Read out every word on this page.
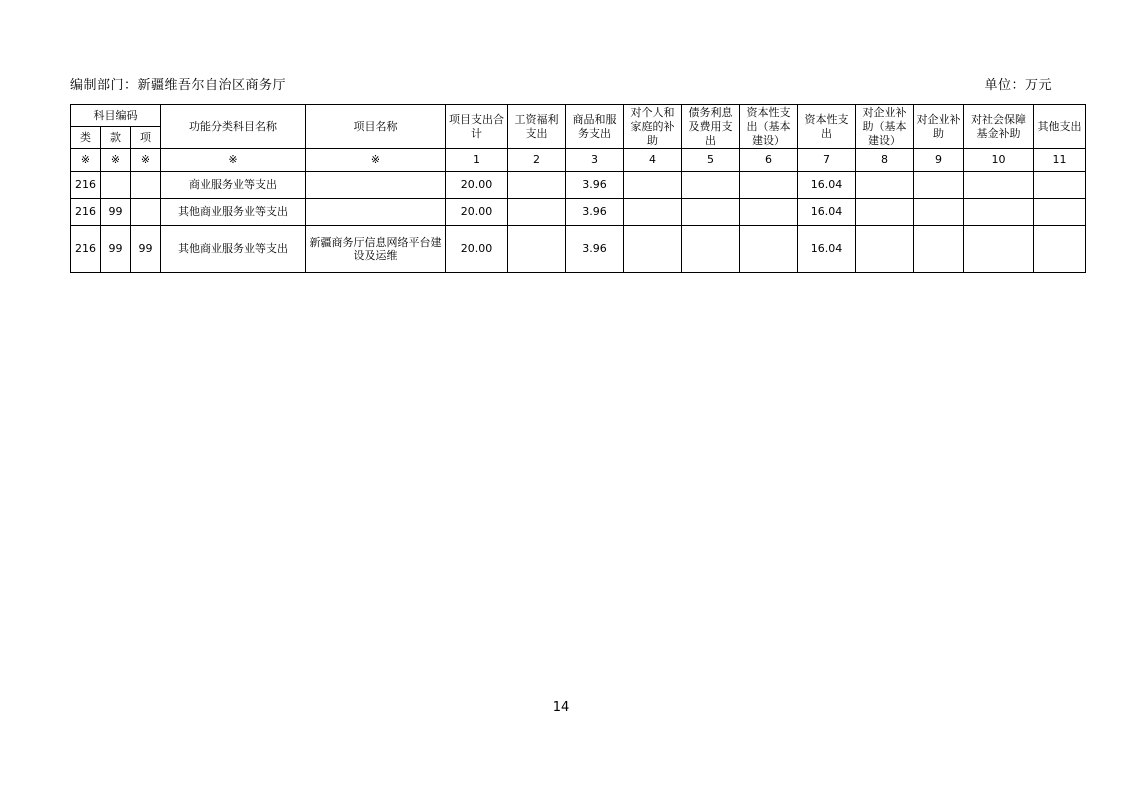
编制部门：新疆维吾尔自治区商务厅	单位：万元
科目编码			功能分类科目名称	项目名称	项目支出合计	工资福利支出	商品和服务支出	对个人和家庭的补助	债务利息及费用支出	资本性支出（基本建设）	资本性支出	对企业补助（基本建设）	对企业补助	对社会保障基金补助	其他支出
类	款	项													
※	※	※	※	※	1	2	3	4	5	6	7	8	9	10	11
216			商业服务业等支出		20.00		3.96				16.04				
216	99		其他商业服务业等支出		20.00		3.96				16.04				
216	99	99	其他商业服务业等支出	新疆商务厅信息网络平台建设及运维	20.00		3.96				16.04				
14
